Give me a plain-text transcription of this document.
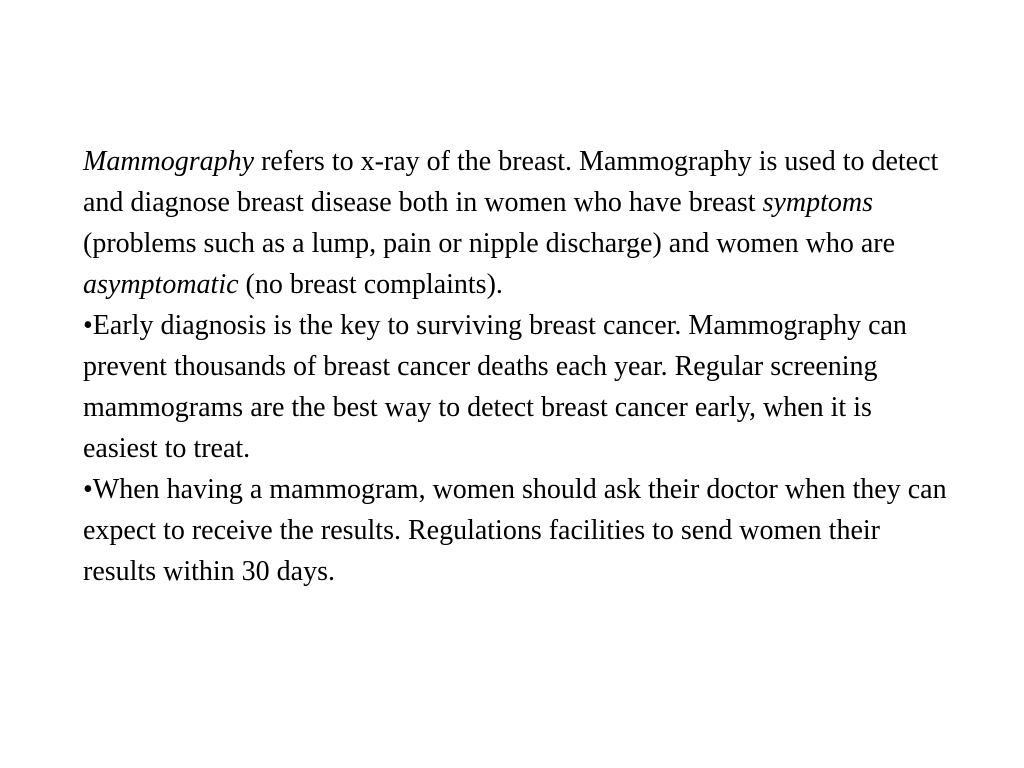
Mammography refers to x-ray of the breast. Mammography is used to detect and diagnose breast disease both in women who have breast symptoms (problems such as a lump, pain or nipple discharge) and women who are asymptomatic (no breast complaints).

•Early diagnosis is the key to surviving breast cancer. Mammography can prevent thousands of breast cancer deaths each year. Regular screening mammograms are the best way to detect breast cancer early, when it is easiest to treat.

•When having a mammogram, women should ask their doctor when they can expect to receive the results. Regulations facilities to send women their results within 30 days.
